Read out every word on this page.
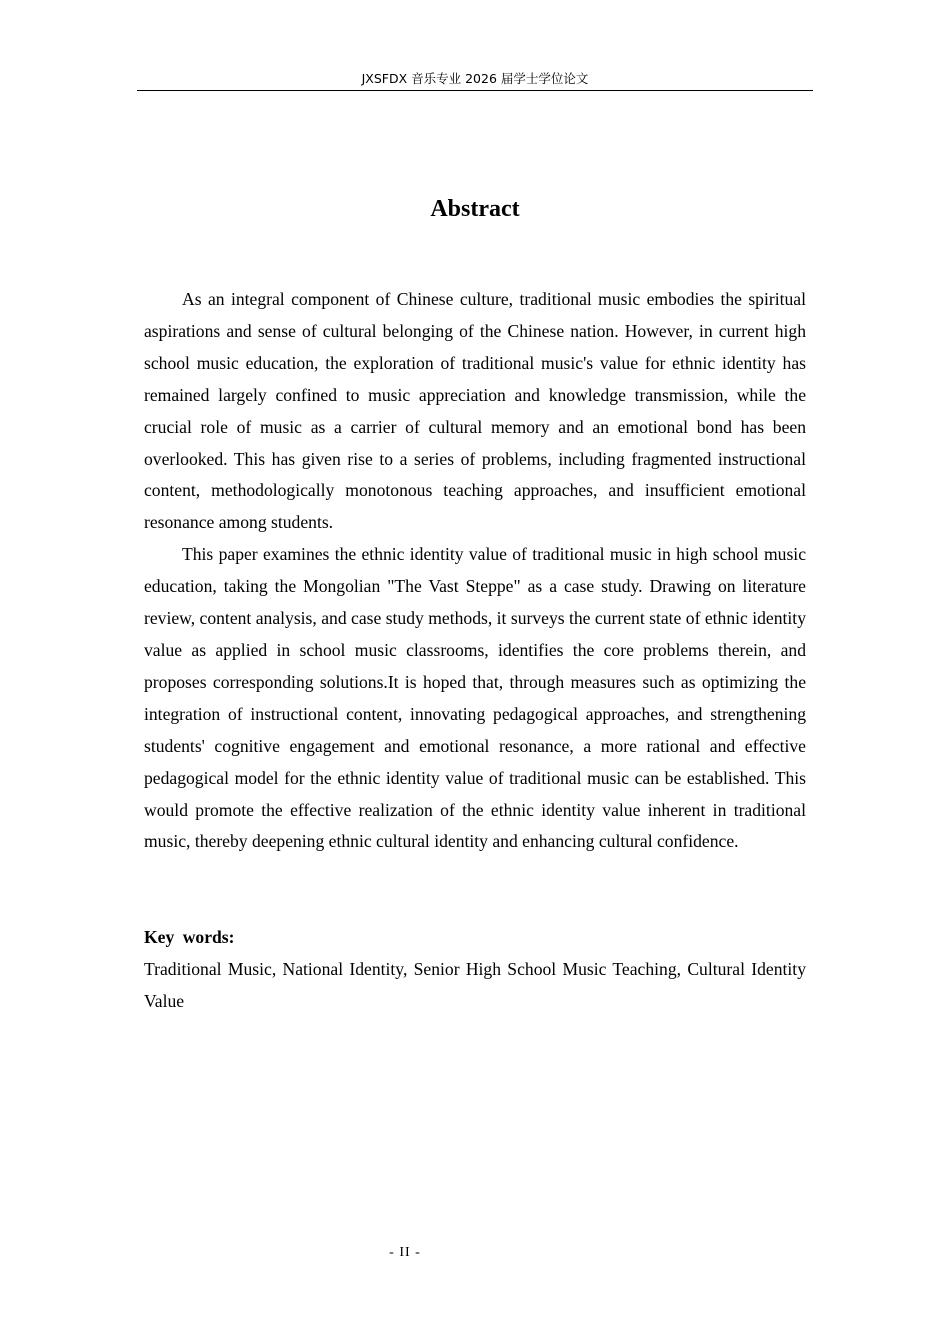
JXSFDX 音乐专业 2026 届学士学位论文
Abstract

As an integral component of Chinese culture, traditional music embodies the spiritual aspirations and sense of cultural belonging of the Chinese nation. However, in current high school music education, the exploration of traditional music's value for ethnic identity has remained largely confined to music appreciation and knowledge transmission, while the crucial role of music as a carrier of cultural memory and an emotional bond has been overlooked. This has given rise to a series of problems, including fragmented instructional content, methodologically monotonous teaching approaches, and insufficient emotional resonance among students.

This paper examines the ethnic identity value of traditional music in high school music education, taking the Mongolian "The Vast Steppe" as a case study. Drawing on literature review, content analysis, and case study methods, it surveys the current state of ethnic identity value as applied in school music classrooms, identifies the core problems therein, and proposes corresponding solutions.It is hoped that, through measures such as optimizing the integration of instructional content, innovating pedagogical approaches, and strengthening students' cognitive engagement and emotional resonance, a more rational and effective pedagogical model for the ethnic identity value of traditional music can be established. This would promote the effective realization of the ethnic identity value inherent in traditional music, thereby deepening ethnic cultural identity and enhancing cultural confidence.

Key words:

Traditional Music, National Identity, Senior High School Music Teaching, Cultural Identity Value

- II -
